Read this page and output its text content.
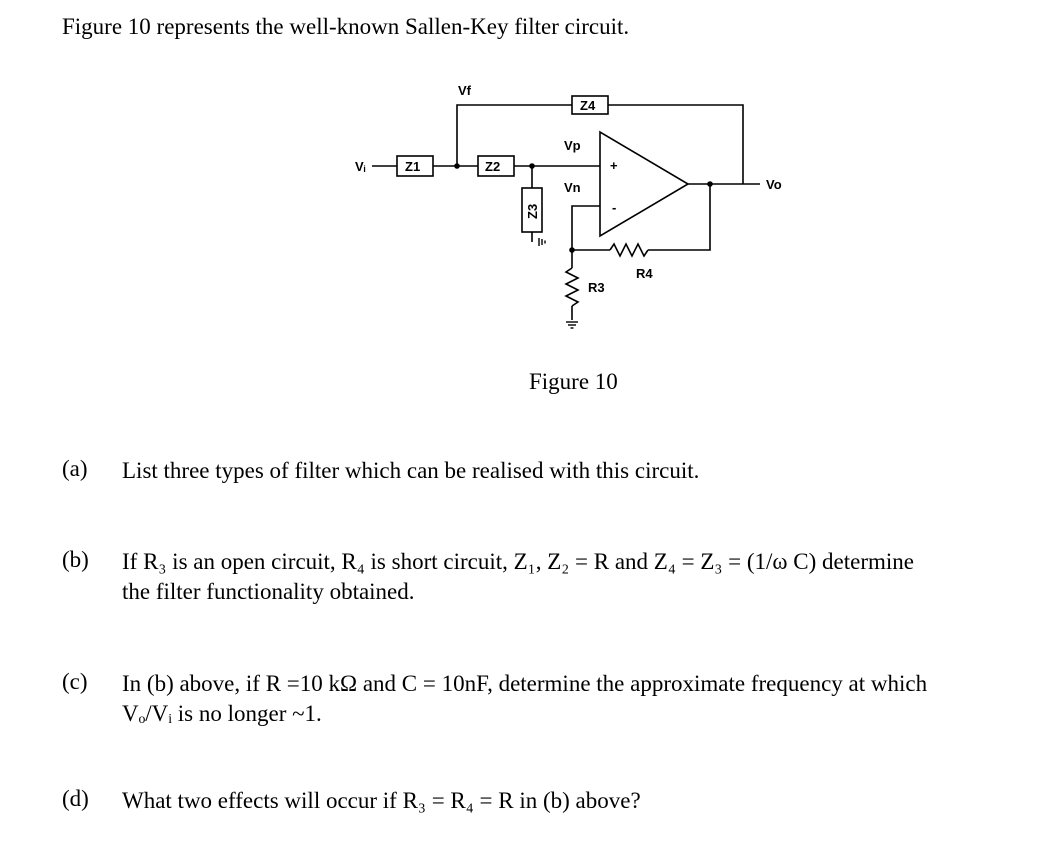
Figure 10 represents the well-known Sallen-Key filter circuit.
Vf
Z4
Vᵢ	Z1	Z2
Z3
Vp
Vn
+
-
R4
R3
Vo
Figure 10
(a) List three types of filter which can be realised with this circuit.
(b) If R₃ is an open circuit, R₄ is short circuit, Z₁, Z₂ = R and Z₄ = Z₃ = (1/ω C) determine
the filter functionality obtained.
(c) In (b) above, if R =10 kΩ and C = 10nF, determine the approximate frequency at which
Vₒ/Vᵢ is no longer ~1.
(d) What two effects will occur if R₃ = R₄ = R in (b) above?
